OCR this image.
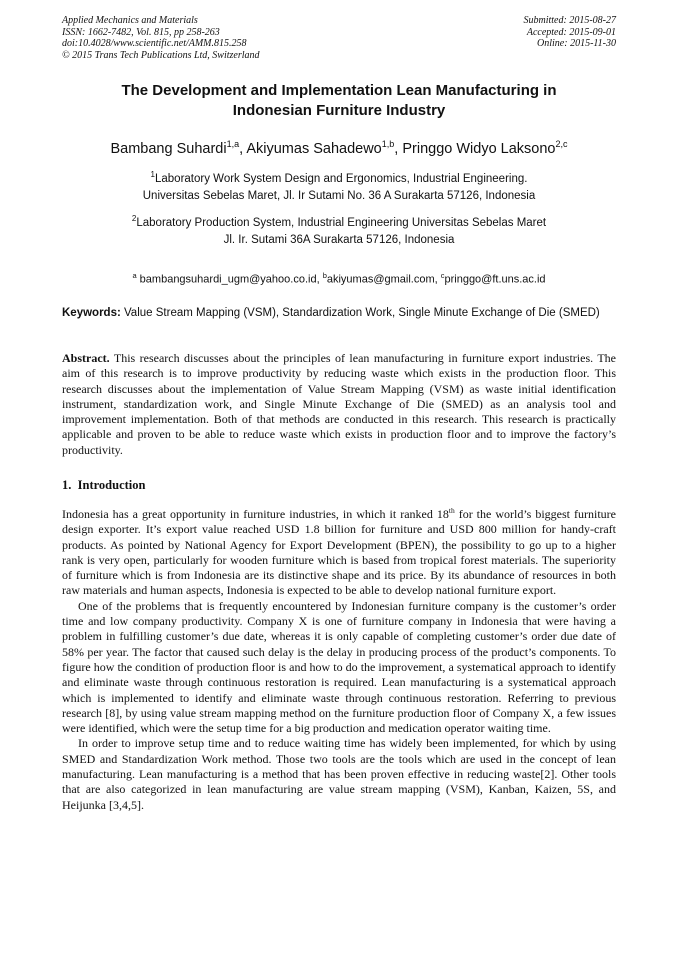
Applied Mechanics and Materials
ISSN: 1662-7482, Vol. 815, pp 258-263
doi:10.4028/www.scientific.net/AMM.815.258
© 2015 Trans Tech Publications Ltd, Switzerland
Submitted: 2015-08-27
Accepted: 2015-09-01
Online: 2015-11-30
The Development and Implementation Lean Manufacturing in
Indonesian Furniture Industry
Bambang Suhardi$^{1,a}$, Akiyumas Sahadewo$^{1,b}$, Pringgo Widyo Laksono$^{2,c}$
$^1$Laboratory Work System Design and Ergonomics, Industrial Engineering.
Universitas Sebelas Maret, Jl. Ir Sutami No. 36 A Surakarta 57126, Indonesia
$^2$Laboratory Production System, Industrial Engineering Universitas Sebelas Maret
Jl. Ir. Sutami 36A Surakarta 57126, Indonesia
$^a$ bambangsuhardi_ugm@yahoo.co.id, $^b$akiyumas@gmail.com, $^c$pringgo@ft.uns.ac.id
Keywords: Value Stream Mapping (VSM), Standardization Work, Single Minute Exchange of Die (SMED)
Abstract. This research discusses about the principles of lean manufacturing in furniture export industries. The aim of this research is to improve productivity by reducing waste which exists in the production floor. This research discusses about the implementation of Value Stream Mapping (VSM) as waste initial identification instrument, standardization work, and Single Minute Exchange of Die (SMED) as an analysis tool and improvement implementation. Both of that methods are conducted in this research. This research is practically applicable and proven to be able to reduce waste which exists in production floor and to improve the factory’s productivity.
1. Introduction

Indonesia has a great opportunity in furniture industries, in which it ranked 18th for the world’s biggest furniture design exporter. It’s export value reached USD 1.8 billion for furniture and USD 800 million for handy-craft products. As pointed by National Agency for Export Development (BPEN), the possibility to go up to a higher rank is very open, particularly for wooden furniture which is based from tropical forest materials. The superiority of furniture which is from Indonesia are its distinctive shape and its price. By its abundance of resources in both raw materials and human aspects, Indonesia is expected to be able to develop national furniture export.

One of the problems that is frequently encountered by Indonesian furniture company is the customer’s order time and low company productivity. Company X is one of furniture company in Indonesia that were having a problem in fulfilling customer’s due date, whereas it is only capable of completing customer’s order due date of 58% per year. The factor that caused such delay is the delay in producing process of the product’s components. To figure how the condition of production floor is and how to do the improvement, a systematical approach to identify and eliminate waste through continuous restoration is required. Lean manufacturing is a systematical approach which is implemented to identify and eliminate waste through continuous restoration. Referring to previous research [8], by using value stream mapping method on the furniture production floor of Company X, a few issues were identified, which were the setup time for a big production and medication operator waiting time.

In order to improve setup time and to reduce waiting time has widely been implemented, for which by using SMED and Standardization Work method. Those two tools are the tools which are used in the concept of lean manufacturing. Lean manufacturing is a method that has been proven effective in reducing waste[2]. Other tools that are also categorized in lean manufacturing are value stream mapping (VSM), Kanban, Kaizen, 5S, and Heijunka [3,4,5].
